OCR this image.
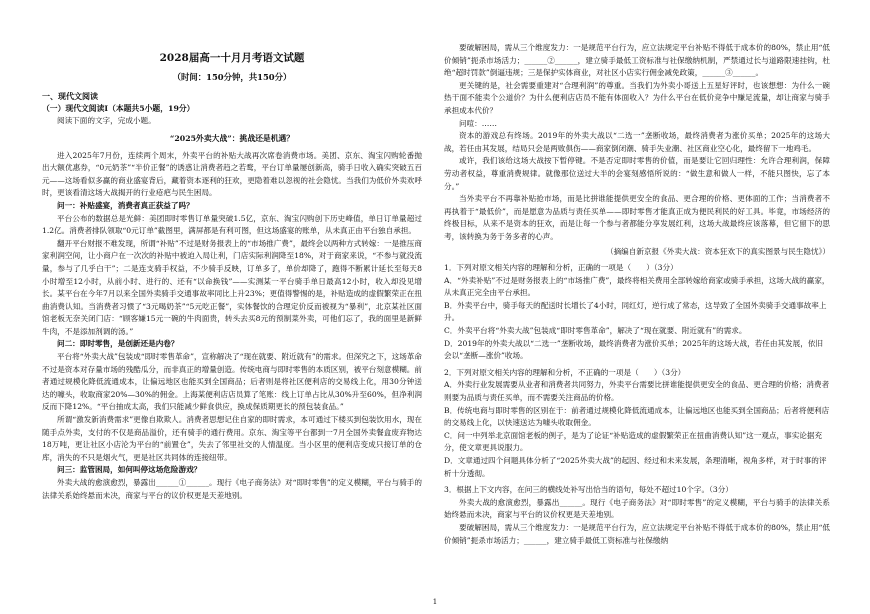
2028届高一十月月考语文试题
（时间：150分钟，共150分）
一、现代文阅读
（一）现代文阅读Ⅰ（本题共5小题，19分）
阅读下面的文字，完成小题。
“2025外卖大战”：挑战还是机遇？

进入2025年7月份，连续两个周末，外卖平台的补贴大战再次席卷消费市场。美团、京东、淘宝闪购轮番抛出大额优惠券，“0元奶茶”“半价正餐”的诱惑让消费者趋之若鹜，平台订单量屡创新高，骑手日收入确实突破五百元——这场看似多赢的商业盛宴背后，藏着资本逐利的狂欢，更隐着难以忽视的社会隐忧。当我们为低价外卖欢呼时，更该看清这场大战揭开的行业疮疤与民生困局。

问一：补贴盛宴，消费者真正获益了吗？

平台公布的数据总是光鲜：美团即时零售订单量突破1.5亿，京东、淘宝闪购创下历史峰值，单日订单量超过1.2亿。消费者排队领取“0元订单”截图里，满屏都是有利可图，但这场盛宴的账单，从未真正由平台独自承担。

翻开平台财报不难发现，所谓“补贴”不过是财务报表上的“市场推广费”，最终会以两种方式转嫁：一是推压商家利润空间，让小商户在一次次的补贴中被迫入局让利，门店实际利润降至18%，对于商家来说，“不参与就没流量，参与了几乎白干”；二是连支骑手权益，不少骑手反映，订单多了，单价却降了，跑得不断累计延长至每天8小时增至12小时，从前小时、进行的、还有“以命换钱”——实测某一平台骑手单日最高12小时，收入却没见增长。某平台在今年7月以来全国外卖骑手交通事故率同比上升23%；更值得警惕的是，补贴造成的虚假繁荣正在扭曲消费认知。当消费者习惯了“3元喝奶茶”“5元吃正餐”，实体餐饮的合理定价反而被视为“暴利”，北京某社区面馆老板无奈关闭门店：“顾客嫌15元一碗的牛肉面贵，转头去买8元的预制菜外卖，可他们忘了，我的面里是新鲜牛肉，不是添加剂调的汤。”

问二：即时零售，是创新还是内卷？

平台将“外卖大战”包装成“即时零售革命”，宣称解决了“现在就要、附近就有”的需求。但深究之下，这场革命不过是资本对存量市场的残酷瓜分，而非真正的增量创造。传统电商与即时零售的本质区别，被平台刻意模糊。前者通过规模化降低流通成本，让偏远地区也能买到全国商品；后者则是将社区便利店的交易线上化，用30分钟送达的噱头，收取商家20%—30%的佣金。上海某便利店店员算了笔账：线上订单占比从30%升至60%，但净利润反而下降12%。“平台抽成太高，我们只能减少鲜食供应，换成保质期更长的预包装食品。”

所谓“激发新消费需求”更像自欺欺人。消费者思想记住自家的即时需求，本可通过下楼买到包装饮用水，现在随手点外卖，支付的不仅是商品溢价，还有骑手的通行费用。京东、淘宝等平台都到一7月全国外卖餐盒废弃物达18万吨，更让社区小店沦为平台的“前置仓”，失去了邻里社交的人情温度。当小区里的便利店变成只接订单的仓库，消失的不只是烟火气，更是社区共同体的连接纽带。

问三：监管困局，如何叫停这场危险游戏？

外卖大战的愈演愈烈，暴露出______①______。现行《电子商务法》对“即时零售”的定义模糊，平台与骑手的法律关系始终悬而未决，商家与平台的议价权更是天差地别。

要破解困局，需从三个维度发力：一是规范平台行为，应立法规定平台补贴不得低于成本价的80%，禁止用“低价倾销”扼杀市场活力；______②______，建立骑手最低工资标准与社保缴纳机制，严禁通过长与道路限速挂钩，杜绝“超时罚款”倒逼违规；三是保护实体商业，对社区小店实行佣金减免政策，______③______。

更关键的是，社会需要重建对“合理利润”的尊重。当我们为外卖小哥送上五星好评时，也该想想：为什么一碗热干面不能卖个公道价？为什么便利店店员不能有体面收入？为什么平台在低价竞争中赚足流量，却让商家与骑手承担成本代价？

问喧：……

资本的游戏总有终场。2019年的外卖大战以“二选一”垄断收场，最终消费者为涨价买单；2025年的这场大战，若任由其发展，结局只会是两败俱伤——商家倒闭潮、骑手失业潮、社区商业空心化，最终留下一地鸡毛。

或许，我们该给这场大战按下暂停键。不是否定即时零售的价值，而是要让它回归理性：允许合理利润，保障劳动者权益，尊重消费规律。就像那位送过大半的会宴刻感悟所说的：“做生意和做人一样，不能只图快，忘了本分。”

当外卖平台不再靠补贴抢市场，而是比拼谁能提供更安全的食品、更合理的价格、更体面的工作；当消费者不再执着于“最低价”，而是愿意为品质与责任买单——即时零售才能真正成为便民利民的好工具。毕竟，市场经济的终极目标，从来不是资本的狂欢，而是让每一个参与者都能分享发展红利，这场大战最终应该落幕，但它留下的思考，该转换为务于务多者的心声。

（摘编自新京报《外卖大战：资本狂欢下的真实图景与民生隐忧》）
1．下列对原文相关内容的理解和分析，正确的一项是（　　）（3分）

A．“外卖补贴”不过是财务报表上的“市场推广费”，最终将相关费用全部转嫁给商家或骑手承担，这场大战的赢家，从未真正完全由平台承担。

B．外卖平台中，骑手每天的配送时长增长了4小时，同红灯，逆行成了常态，这导致了全国外卖骑手交通事故率上升。

C．外卖平台将“外卖大战”包装成“即时零售革命”，解决了“现在就要、附近就有”的需求。

D．2019年的外卖大战以“二选一”垄断收场，最终消费者为涨价买单；2025年的这场大战，若任由其发展，依旧会以“垄断—涨价”收场。

2．下列对原文相关内容的理解和分析，不正确的一项是（　　）（3分）

A．外卖行业发展需要从业者和消费者共同努力，外卖平台需要比拼谁能提供更安全的食品、更合理的价格；消费者则要为品质与责任买单，而不需要关注商品的价格。

B．传统电商与即时零售的区别在于：前者通过规模化降低流通成本，让偏远地区也能买到全国商品；后者将便利店的交易线上化，以快速送达为噱头收取佣金。

C．问一中列举北京面馆老板的例子，是为了论证“补贴造成的虚假繁荣正在扭曲消费认知”这一观点，事实论据充分，使文章更具说服力。

D．文章通过四个问题具体分析了“2025外卖大战”的起因、经过和未来发展，条理清晰，视角多样，对于时事的评析十分透彻。

3．根据上下文内容，在问三的横线处补写出恰当的语句，每处不超过10个字。（3分）

外卖大战的愈演愈烈，暴露出______。现行《电子商务法》对“即时零售”的定义模糊，平台与骑手的法律关系始终悬而未决，商家与平台的议价权更是天差地别。

要破解困局，需从三个维度发力：一是规范平台行为，应立法规定平台补贴不得低于成本价的80%，禁止用“低价倾销”扼杀市场活力；______，建立骑手最低工资标准与社保缴纳

1
